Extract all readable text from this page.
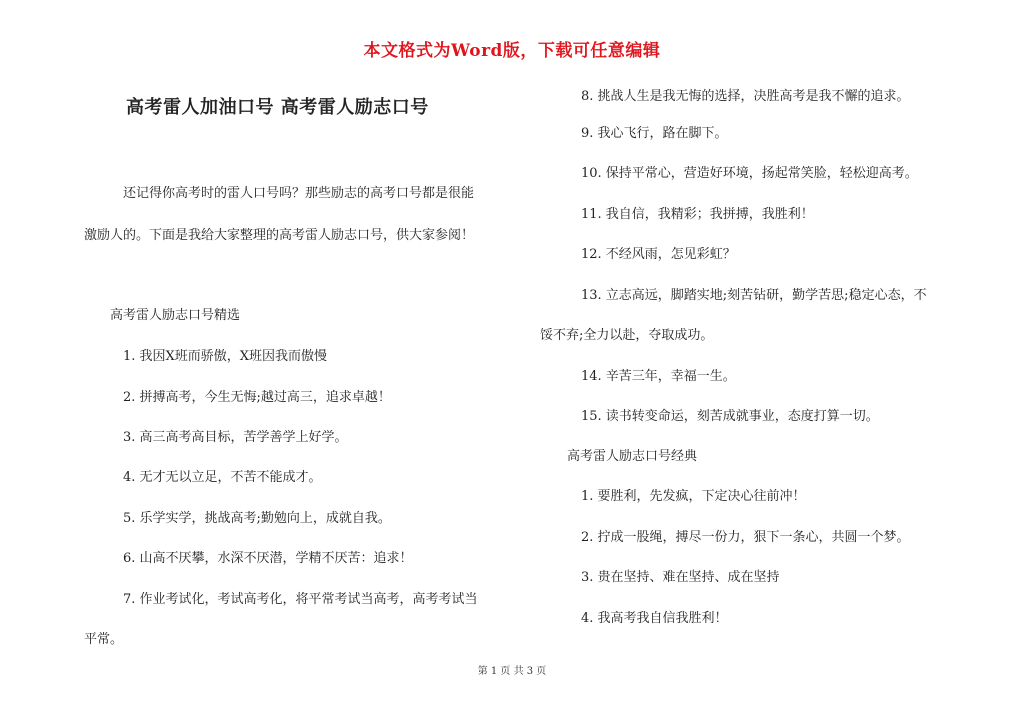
本文格式为Word版，下载可任意编辑
高考雷人加油口号 高考雷人励志口号
还记得你高考时的雷人口号吗？那些励志的高考口号都是很能
激励人的。下面是我给大家整理的高考雷人励志口号，供大家参阅！
高考雷人励志口号精选
1. 我因X班而骄傲，X班因我而傲慢
2. 拼搏高考，今生无悔;越过高三，追求卓越！
3. 高三高考高目标，苦学善学上好学。
4. 无才无以立足，不苦不能成才。
5. 乐学实学，挑战高考;勤勉向上，成就自我。
6. 山高不厌攀，水深不厌潜，学精不厌苦：追求！
7. 作业考试化，考试高考化，将平常考试当高考，高考考试当
平常。
8. 挑战人生是我无悔的选择，决胜高考是我不懈的追求。
9. 我心飞行，路在脚下。
10. 保持平常心，营造好环境，扬起常笑脸，轻松迎高考。
11. 我自信，我精彩；我拼搏，我胜利！
12. 不经风雨，怎见彩虹？
13. 立志高远，脚踏实地;刻苦钻研，勤学苦思;稳定心态，不
馁不弃;全力以赴，夺取成功。
14. 辛苦三年，幸福一生。
15. 读书转变命运，刻苦成就事业，态度打算一切。
高考雷人励志口号经典
1. 要胜利，先发疯，下定决心往前冲！
2. 拧成一股绳，搏尽一份力，狠下一条心，共圆一个梦。
3. 贵在坚持、难在坚持、成在坚持
4. 我高考我自信我胜利！
第 1 页 共 3 页
